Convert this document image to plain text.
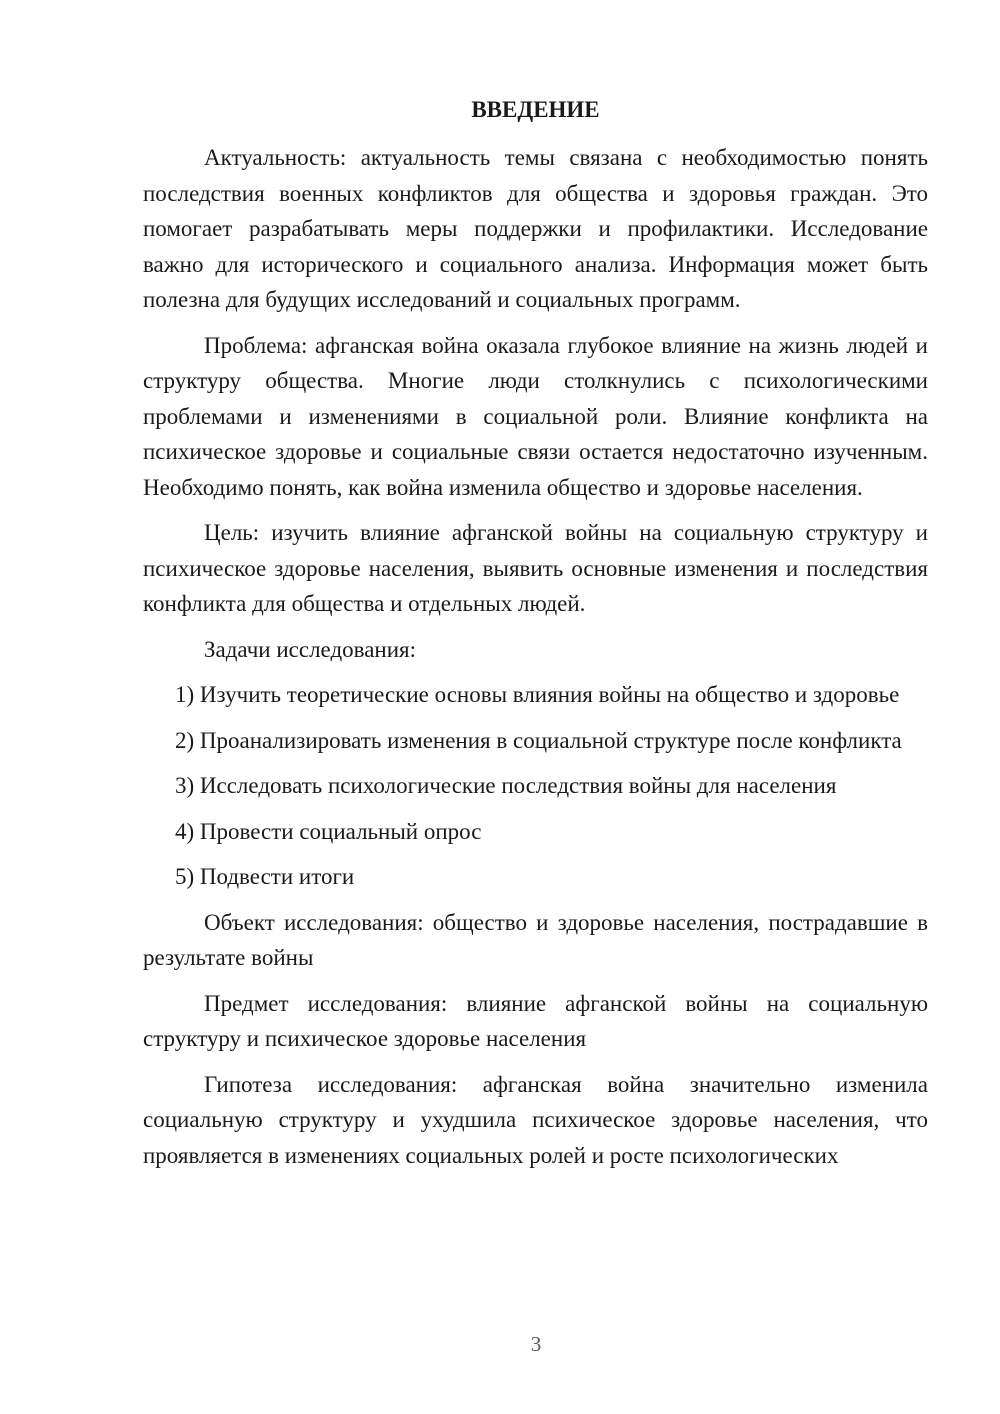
ВВЕДЕНИЕ

Актуальность: актуальность темы связана с необходимостью понять последствия военных конфликтов для общества и здоровья граждан. Это помогает разрабатывать меры поддержки и профилактики. Исследование важно для исторического и социального анализа. Информация может быть полезна для будущих исследований и социальных программ.

Проблема: афганская война оказала глубокое влияние на жизнь людей и структуру общества. Многие люди столкнулись с психологическими проблемами и изменениями в социальной роли. Влияние конфликта на психическое здоровье и социальные связи остается недостаточно изученным. Необходимо понять, как война изменила общество и здоровье населения.

Цель: изучить влияние афганской войны на социальную структуру и психическое здоровье населения, выявить основные изменения и последствия конфликта для общества и отдельных людей.

Задачи исследования:

1) Изучить теоретические основы влияния войны на общество и здоровье

2) Проанализировать изменения в социальной структуре после конфликта

3) Исследовать психологические последствия войны для населения

4) Провести социальный опрос

5) Подвести итоги

Объект исследования: общество и здоровье населения, пострадавшие в результате войны

Предмет исследования: влияние афганской войны на социальную структуру и психическое здоровье населения

Гипотеза исследования: афганская война значительно изменила социальную структуру и ухудшила психическое здоровье населения, что проявляется в изменениях социальных ролей и росте психологических

3
